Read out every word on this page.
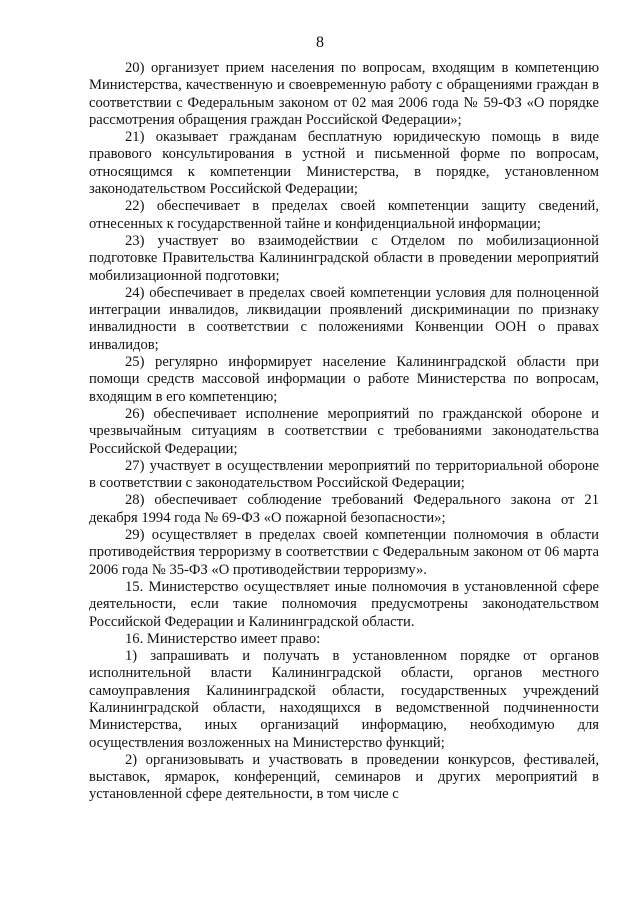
8

20) организует прием населения по вопросам, входящим в компетенцию Министерства, качественную и своевременную работу с обращениями граждан в соответствии с Федеральным законом от 02 мая 2006 года № 59-ФЗ «О порядке рассмотрения обращения граждан Российской Федерации»;

21) оказывает гражданам бесплатную юридическую помощь в виде правового консультирования в устной и письменной форме по вопросам, относящимся к компетенции Министерства, в порядке, установленном законодательством Российской Федерации;

22) обеспечивает в пределах своей компетенции защиту сведений, отнесенных к государственной тайне и конфиденциальной информации;

23) участвует во взаимодействии с Отделом по мобилизационной подготовке Правительства Калининградской области в проведении мероприятий мобилизационной подготовки;

24) обеспечивает в пределах своей компетенции условия для полноценной интеграции инвалидов, ликвидации проявлений дискриминации по признаку инвалидности в соответствии с положениями Конвенции ООН о правах инвалидов;

25) регулярно информирует население Калининградской области при помощи средств массовой информации о работе Министерства по вопросам, входящим в его компетенцию;

26) обеспечивает исполнение мероприятий по гражданской обороне и чрезвычайным ситуациям в соответствии с требованиями законодательства Российской Федерации;

27) участвует в осуществлении мероприятий по территориальной обороне в соответствии с законодательством Российской Федерации;

28) обеспечивает соблюдение требований Федерального закона от 21 декабря 1994 года № 69-ФЗ «О пожарной безопасности»;

29) осуществляет в пределах своей компетенции полномочия в области противодействия терроризму в соответствии с Федеральным законом от 06 марта 2006 года № 35-ФЗ «О противодействии терроризму».

15. Министерство осуществляет иные полномочия в установленной сфере деятельности, если такие полномочия предусмотрены законодательством Российской Федерации и Калининградской области.

16. Министерство имеет право:

1) запрашивать и получать в установленном порядке от органов исполнительной власти Калининградской области, органов местного самоуправления Калининградской области, государственных учреждений Калининградской области, находящихся в ведомственной подчиненности Министерства, иных организаций информацию, необходимую для осуществления возложенных на Министерство функций;

2) организовывать и участвовать в проведении конкурсов, фестивалей, выставок, ярмарок, конференций, семинаров и других мероприятий в установленной сфере деятельности, в том числе с
